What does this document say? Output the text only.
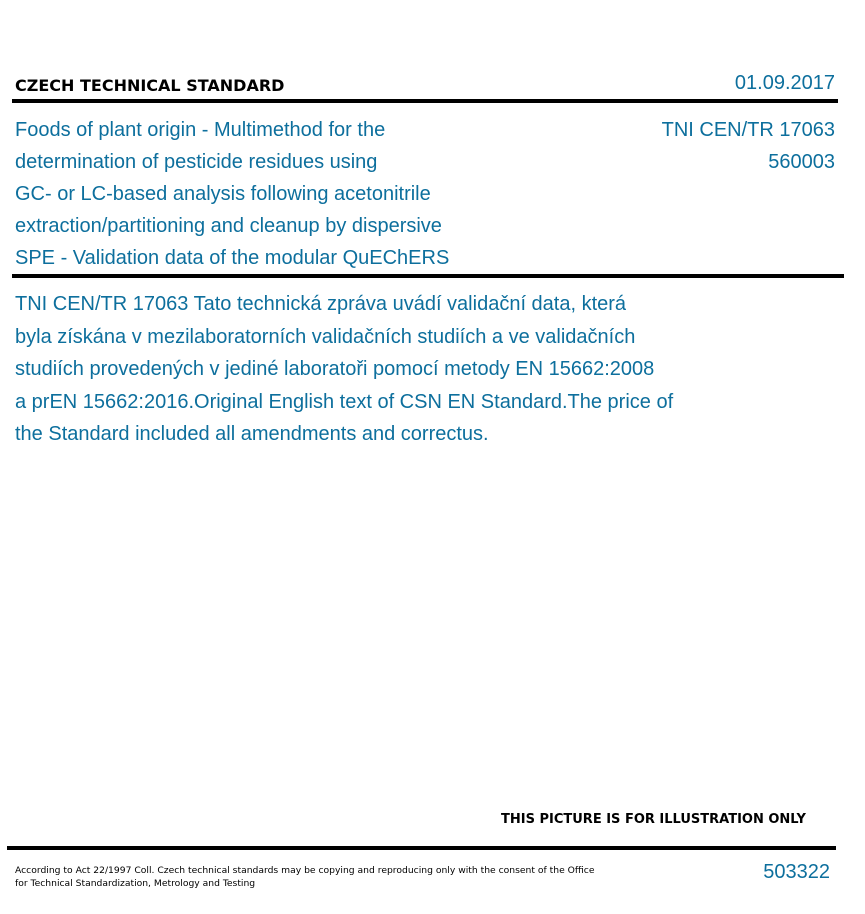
CZECH TECHNICAL STANDARD	01.09.2017
Foods of plant origin - Multimethod for the
determination of pesticide residues using
GC- or LC-based analysis following acetonitrile
extraction/partitioning and cleanup by dispersive
SPE - Validation data of the modular QuEChERS
TNI CEN/TR 17063
560003
TNI CEN/TR 17063 Tato technická zpráva uvádí validační data, která
byla získána v mezilaboratorních validačních studiích a ve validačních
studiích provedených v jediné laboratoři pomocí metody EN 15662:2008
a prEN 15662:2016.Original English text of CSN EN Standard.The price of
the Standard included all amendments and correctus.
THIS PICTURE IS FOR ILLUSTRATION ONLY
According to Act 22/1997 Coll. Czech technical standards may be copying and reproducing only with the consent of the Office
for Technical Standardization, Metrology and Testing
503322
